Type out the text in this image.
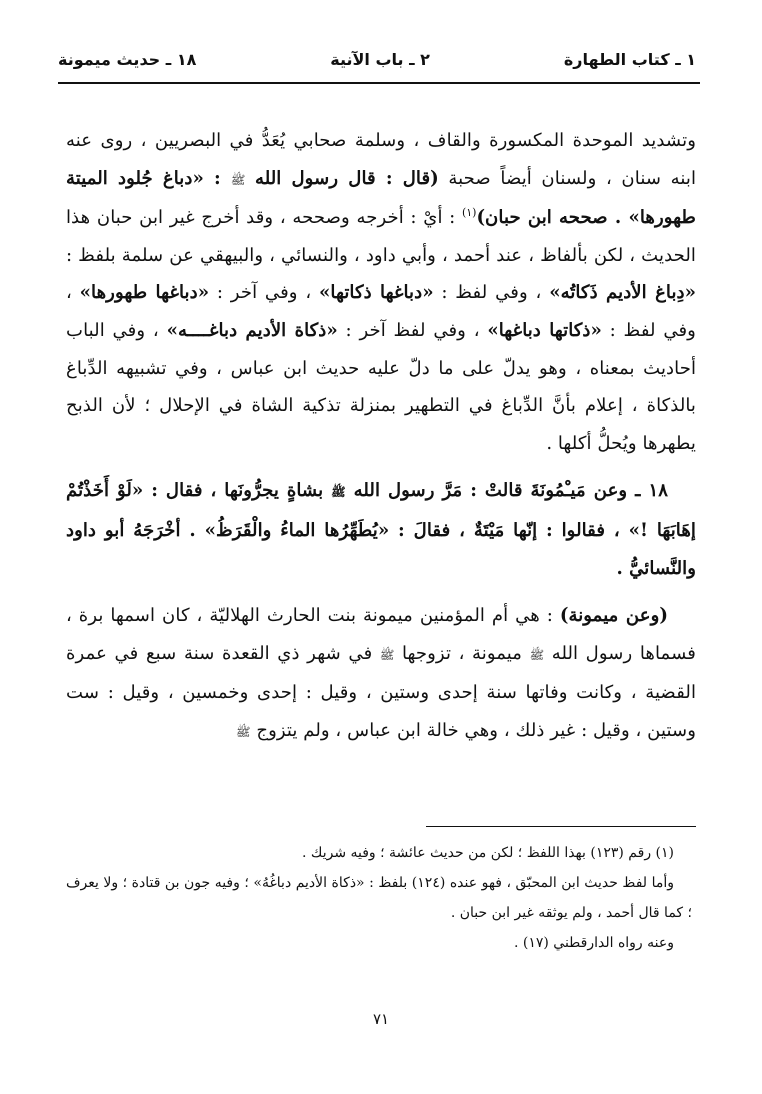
١ ـ كتاب الطهارة
٢ ـ باب الآنية
١٨ ـ حديث ميمونة

وتشديد الموحدة المكسورة والقاف ، وسلمة صحابي يُعَدُّ في البصريين ، روى عنه ابنه سنان ، ولسنان أيضاً صحبة (قال : قال رسول الله ﷺ : «دباغ جُلود الميتة طهورها» . صححه ابن حبان)$^{(١)}$ : أيْ : أخرجه وصححه ، وقد أخرج غير ابن حبان هذا الحديث ، لكن بألفاظ ، عند أحمد ، وأبي داود ، والنسائي ، والبيهقي عن سلمة بلفظ : «دِباغ الأديم ذَكاتُه» ، وفي لفظ : «دباغها ذكاتها» ، وفي آخر : «دباغها طهورها» ، وفي لفظ : «ذكاتها دباغها» ، وفي لفظ آخر : «ذكاة الأديم دباغــــه» ، وفي الباب أحاديث بمعناه ، وهو يدلّ على ما دلّ عليه حديث ابن عباس ، وفي تشبيهه الدِّباغ بالذكاة ، إعلام بأنَّ الدِّباغ في التطهير بمنزلة تذكية الشاة في الإحلال ؛ لأن الذبح يطهرها ويُحلُّ أكلها .

١٨ ـ وعن مَيـْمُونَةَ قالتْ : مَرَّ رسول الله ﷺ بشاةٍ يجرُّونَها ، فقال : «لَوْ أَخَذْتُمْ إهَابَهَا !» ، فقالوا : إنّها مَيْتَةٌ ، فقالَ : «يُطَهِّرُها الماءُ والْقَرَظُ» . أخْرَجَهُ أبو داود والنَّسائيُّ .

(وعن ميمونة) : هي أم المؤمنين ميمونة بنت الحارث الهلاليّة ، كان اسمها برة ، فسماها رسول الله ﷺ ميمونة ، تزوجها ﷺ في شهر ذي القعدة سنة سبع في عمرة القضية ، وكانت وفاتها سنة إحدى وستين ، وقيل : إحدى وخمسين ، وقيل : ست وستين ، وقيل : غير ذلك ، وهي خالة ابن عباس ، ولم يتزوج ﷺ

(١) رقم (١٢٣) بهذا اللفظ ؛ لكن من حديث عائشة ؛ وفيه شريك .

وأما لفظ حديث ابن المحبّق ، فهو عنده (١٢٤) بلفظ : «ذكاة الأديم دباغُهُ» ؛ وفيه جون بن قتادة ؛ ولا يعرف ؛ كما قال أحمد ، ولم يوثقه غير ابن حبان .

وعنه رواه الدارقطني (١٧) .

٧١
